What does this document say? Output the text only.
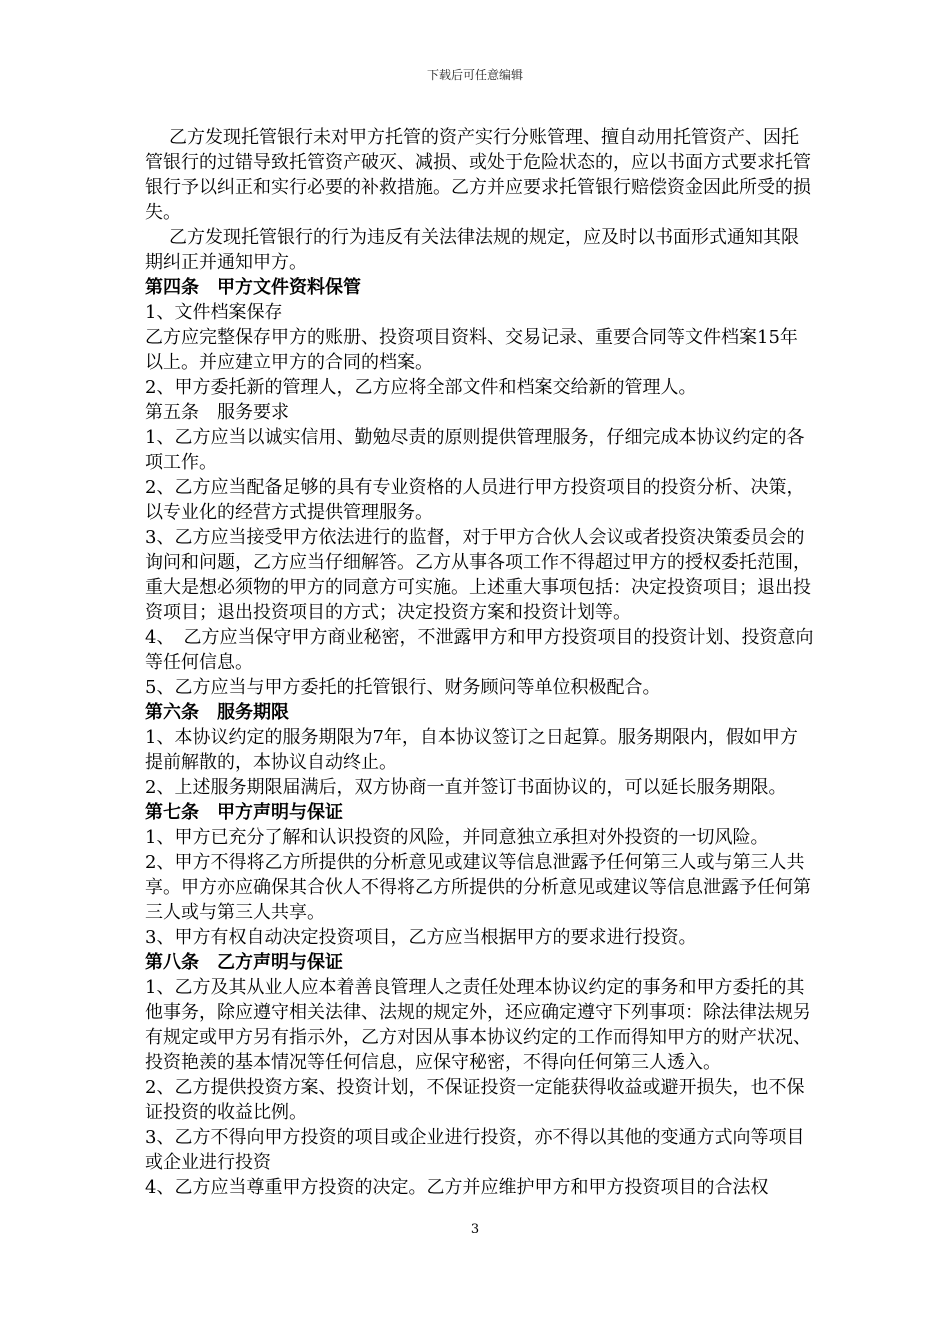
下载后可任意编辑

乙方发现托管银行未对甲方托管的资产实行分账管理、擅自动用托管资产、因托管银行的过错导致托管资产破灭、减损、或处于危险状态的，应以书面方式要求托管银行予以纠正和实行必要的补救措施。乙方并应要求托管银行赔偿资金因此所受的损失。

乙方发现托管银行的行为违反有关法律法规的规定，应及时以书面形式通知其限期纠正并通知甲方。

第四条　甲方文件资料保管

1、文件档案保存

乙方应完整保存甲方的账册、投资项目资料、交易记录、重要合同等文件档案15年以上。并应建立甲方的合同的档案。

2、甲方委托新的管理人，乙方应将全部文件和档案交给新的管理人。

第五条　服务要求

1、乙方应当以诚实信用、勤勉尽责的原则提供管理服务，仔细完成本协议约定的各项工作。

2、乙方应当配备足够的具有专业资格的人员进行甲方投资项目的投资分析、决策，以专业化的经营方式提供管理服务。

3、乙方应当接受甲方依法进行的监督，对于甲方合伙人会议或者投资决策委员会的询问和问题，乙方应当仔细解答。乙方从事各项工作不得超过甲方的授权委托范围，重大是想必须物的甲方的同意方可实施。上述重大事项包括：决定投资项目；退出投资项目；退出投资项目的方式；决定投资方案和投资计划等。

4、　乙方应当保守甲方商业秘密，不泄露甲方和甲方投资项目的投资计划、投资意向等任何信息。

5、乙方应当与甲方委托的托管银行、财务顾问等单位积极配合。

第六条　服务期限

1、本协议约定的服务期限为7年，自本协议签订之日起算。服务期限内，假如甲方提前解散的，本协议自动终止。

2、上述服务期限届满后，双方协商一直并签订书面协议的，可以延长服务期限。

第七条　甲方声明与保证

1、甲方已充分了解和认识投资的风险，并同意独立承担对外投资的一切风险。

2、甲方不得将乙方所提供的分析意见或建议等信息泄露予任何第三人或与第三人共享。甲方亦应确保其合伙人不得将乙方所提供的分析意见或建议等信息泄露予任何第三人或与第三人共享。

3、甲方有权自动决定投资项目，乙方应当根据甲方的要求进行投资。

第八条　乙方声明与保证

1、乙方及其从业人应本着善良管理人之责任处理本协议约定的事务和甲方委托的其他事务，除应遵守相关法律、法规的规定外，还应确定遵守下列事项：除法律法规另有规定或甲方另有指示外，乙方对因从事本协议约定的工作而得知甲方的财产状况、投资艳羡的基本情况等任何信息，应保守秘密，不得向任何第三人透入。

2、乙方提供投资方案、投资计划，不保证投资一定能获得收益或避开损失，也不保证投资的收益比例。

3、乙方不得向甲方投资的项目或企业进行投资，亦不得以其他的变通方式向等项目或企业进行投资

4、乙方应当尊重甲方投资的决定。乙方并应维护甲方和甲方投资项目的合法权

3
